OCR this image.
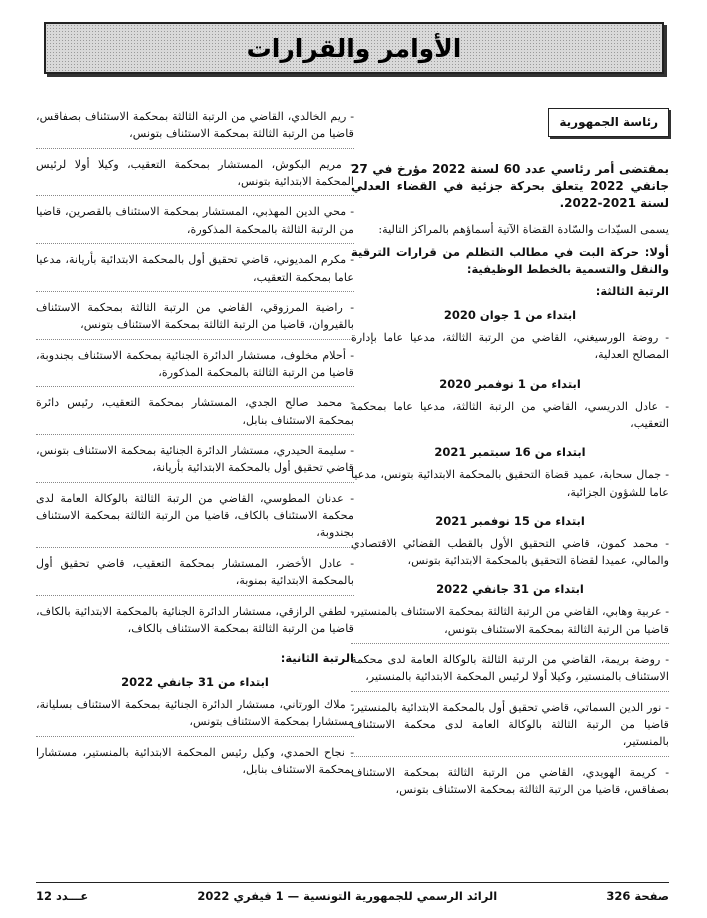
الأوامر والقرارات
رئاسة الجمهورية
بمقتضى أمر رئاسي عدد 60 لسنة 2022 مؤرخ في 27 جانفي 2022 يتعلق بحركة جزئية في القضاء العدلي لسنة 2021-2022.
يسمى السيّدات والسّادة القضاة الآتية أسماؤهم بالمراكز التالية:
أولا: حركة البت في مطالب التظلم من قرارات الترقية والنقل والتسمية بالخطط الوظيفية:
الرتبة الثالثة:
ابتداء من 1 جوان 2020
- روضة الورسيغني، القاضي من الرتبة الثالثة، مدعيا عاما بإدارة المصالح العدلية،
ابتداء من 1 نوفمبر 2020
- عادل الدريسي، القاضي من الرتبة الثالثة، مدعيا عاما بمحكمة التعقيب،
ابتداء من 16 سبتمبر 2021
- جمال سحابة، عميد قضاة التحقيق بالمحكمة الابتدائية بتونس، مدعيا عاما للشؤون الجزائية،
ابتداء من 15 نوفمبر 2021
- محمد كمون، قاضي التحقيق الأول بالقطب القضائي الاقتصادي والمالي، عميدا لقضاة التحقيق بالمحكمة الابتدائية بتونس،
ابتداء من 31 جانفي 2022
- عربية وهابي، القاضي من الرتبة الثالثة بمحكمة الاستئناف بالمنستير، قاضيا من الرتبة الثالثة بمحكمة الاستئناف بتونس،
- روضة بريمة، القاضي من الرتبة الثالثة بالوكالة العامة لدى محكمة الاستئناف بالمنستير، وكيلا أولا لرئيس المحكمة الابتدائية بالمنستير،
- نور الدين السماتي، قاضي تحقيق أول بالمحكمة الابتدائية بالمنستير، قاضيا من الرتبة الثالثة بالوكالة العامة لدى محكمة الاستئناف بالمنستير،
- كريمة الهويدي، القاضي من الرتبة الثالثة بمحكمة الاستئناف بصفاقس، قاضيا من الرتبة الثالثة بمحكمة الاستئناف بتونس،
- ريم الخالدي، القاضي من الرتبة الثالثة بمحكمة الاستئناف بصفاقس، قاضيا من الرتبة الثالثة بمحكمة الاستئناف بتونس،
- مريم البكوش، المستشار بمحكمة التعقيب، وكيلا أولا لرئيس المحكمة الابتدائية بتونس،
- محي الدين المهذبي، المستشار بمحكمة الاستئناف بالقصرين، قاضيا من الرتبة الثالثة بالمحكمة المذكورة،
- مكرم المديوني، قاضي تحقيق أول بالمحكمة الابتدائية بأريانة، مدعيا عاما بمحكمة التعقيب،
- راضية المرزوقي، القاضي من الرتبة الثالثة بمحكمة الاستئناف بالقيروان، قاضيا من الرتبة الثالثة بمحكمة الاستئناف بتونس،
- أحلام مخلوف، مستشار الدائرة الجنائية بمحكمة الاستئناف بجندوبة، قاضيا من الرتبة الثالثة بالمحكمة المذكورة،
- محمد صالح الجدي، المستشار بمحكمة التعقيب، رئيس دائرة بمحكمة الاستئناف بنابل،
- سليمة الحيدري، مستشار الدائرة الجنائية بمحكمة الاستئناف بتونس، قاضي تحقيق أول بالمحكمة الابتدائية بأريانة،
- عدنان المطوسي، القاضي من الرتبة الثالثة بالوكالة العامة لدى محكمة الاستئناف بالكاف، قاضيا من الرتبة الثالثة بمحكمة الاستئناف بجندوبة،
- عادل الأخضر، المستشار بمحكمة التعقيب، قاضي تحقيق أول بالمحكمة الابتدائية بمنوبة،
- لطفي الرازقي، مستشار الدائرة الجنائية بالمحكمة الابتدائية بالكاف، قاضيا من الرتبة الثالثة بمحكمة الاستئناف بالكاف،
الرتبة الثانية:
ابتداء من 31 جانفي 2022
- ملاك الورتاني، مستشار الدائرة الجنائية بمحكمة الاستئناف بسليانة، مستشارا بمحكمة الاستئناف بتونس،
- نجاح الحمدي، وكيل رئيس المحكمة الابتدائية بالمنستير، مستشارا بمحكمة الاستئناف بنابل،
صفحة 326
الرائد الرسمي للجمهورية التونسية — 1 فيفري 2022
عـــدد 12
